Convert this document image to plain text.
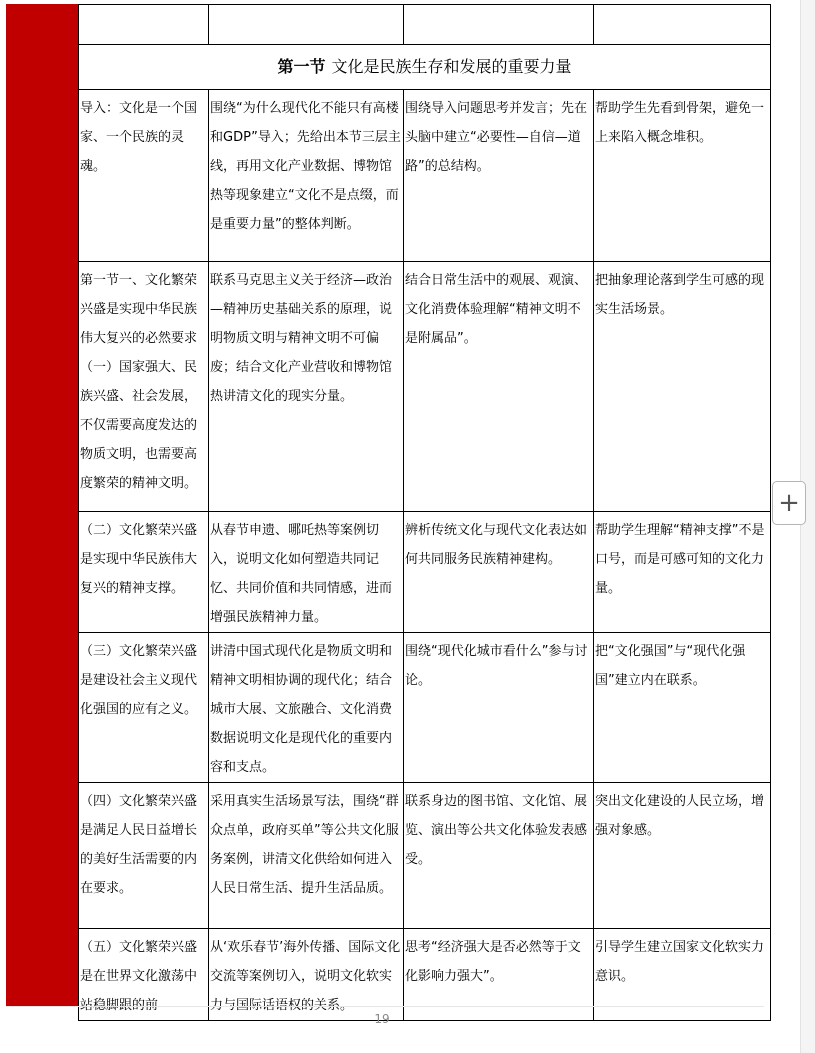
第一节 文化是民族生存和发展的重要力量			
导入：文化是一个国家、一个民族的灵魂。	围绕“为什么现代化不能只有高楼和GDP”导入；先给出本节三层主线，再用文化产业数据、博物馆热等现象建立“文化不是点缀，而是重要力量”的整体判断。	围绕导入问题思考并发言；先在头脑中建立“必要性—自信—道路”的总结构。	帮助学生先看到骨架，避免一上来陷入概念堆积。
第一节一、文化繁荣兴盛是实现中华民族伟大复兴的必然要求（一）国家强大、民族兴盛、社会发展，不仅需要高度发达的物质文明，也需要高度繁荣的精神文明。	联系马克思主义关于经济—政治—精神历史基础关系的原理，说明物质文明与精神文明不可偏废；结合文化产业营收和博物馆热讲清文化的现实分量。	结合日常生活中的观展、观演、文化消费体验理解“精神文明不是附属品”。	把抽象理论落到学生可感的现实生活场景。
（二）文化繁荣兴盛是实现中华民族伟大复兴的精神支撑。	从春节申遗、哪吒热等案例切入，说明文化如何塑造共同记忆、共同价值和共同情感，进而增强民族精神力量。	辨析传统文化与现代文化表达如何共同服务民族精神建构。	帮助学生理解“精神支撑”不是口号，而是可感可知的文化力量。
（三）文化繁荣兴盛是建设社会主义现代化强国的应有之义。	讲清中国式现代化是物质文明和精神文明相协调的现代化；结合城市大展、文旅融合、文化消费数据说明文化是现代化的重要内容和支点。	围绕“现代化城市看什么”参与讨论。	把“文化强国”与“现代化强国”建立内在联系。
（四）文化繁荣兴盛是满足人民日益增长的美好生活需要的内在要求。	采用真实生活场景写法，围绕“群众点单，政府买单”等公共文化服务案例，讲清文化供给如何进入人民日常生活、提升生活品质。	联系身边的图书馆、文化馆、展览、演出等公共文化体验发表感受。	突出文化建设的人民立场，增强对象感。
（五）文化繁荣兴盛是在世界文化激荡中站稳脚跟的前	从‘欢乐春节’海外传播、国际文化交流等案例切入，说明文化软实力与国际话语权的关系。	思考“经济强大是否必然等于文化影响力强大”。	引导学生建立国家文化软实力意识。
19
+
